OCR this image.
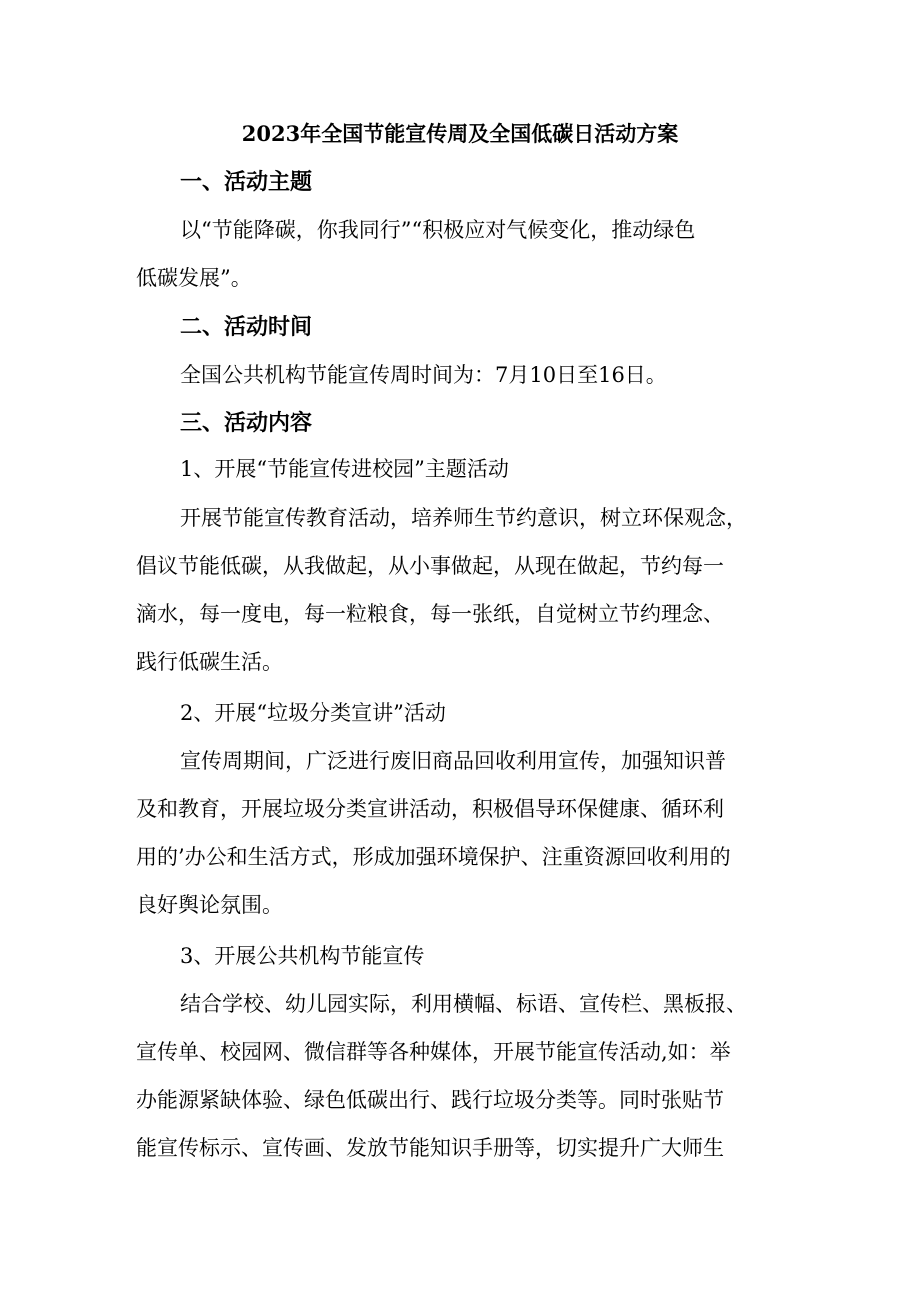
2023年全国节能宣传周及全国低碳日活动方案
一、活动主题

以“节能降碳，你我同行”“积极应对气候变化，推动绿色
低碳发展”。

二、活动时间

全国公共机构节能宣传周时间为：7月10日至16日。

三、活动内容
1、开展“节能宣传进校园”主题活动

开展节能宣传教育活动，培养师生节约意识，树立环保观念，
倡议节能低碳，从我做起，从小事做起，从现在做起，节约每一
滴水，每一度电，每一粒粮食，每一张纸，自觉树立节约理念、
践行低碳生活。

2、开展“垃圾分类宣讲”活动

宣传周期间，广泛进行废旧商品回收利用宣传，加强知识普
及和教育，开展垃圾分类宣讲活动，积极倡导环保健康、循环利
用的’办公和生活方式，形成加强环境保护、注重资源回收利用的
良好舆论氛围。

3、开展公共机构节能宣传

结合学校、幼儿园实际，利用横幅、标语、宣传栏、黑板报、
宣传单、校园网、微信群等各种媒体，开展节能宣传活动,如：举
办能源紧缺体验、绿色低碳出行、践行垃圾分类等。同时张贴节
能宣传标示、宣传画、发放节能知识手册等，切实提升广大师生
